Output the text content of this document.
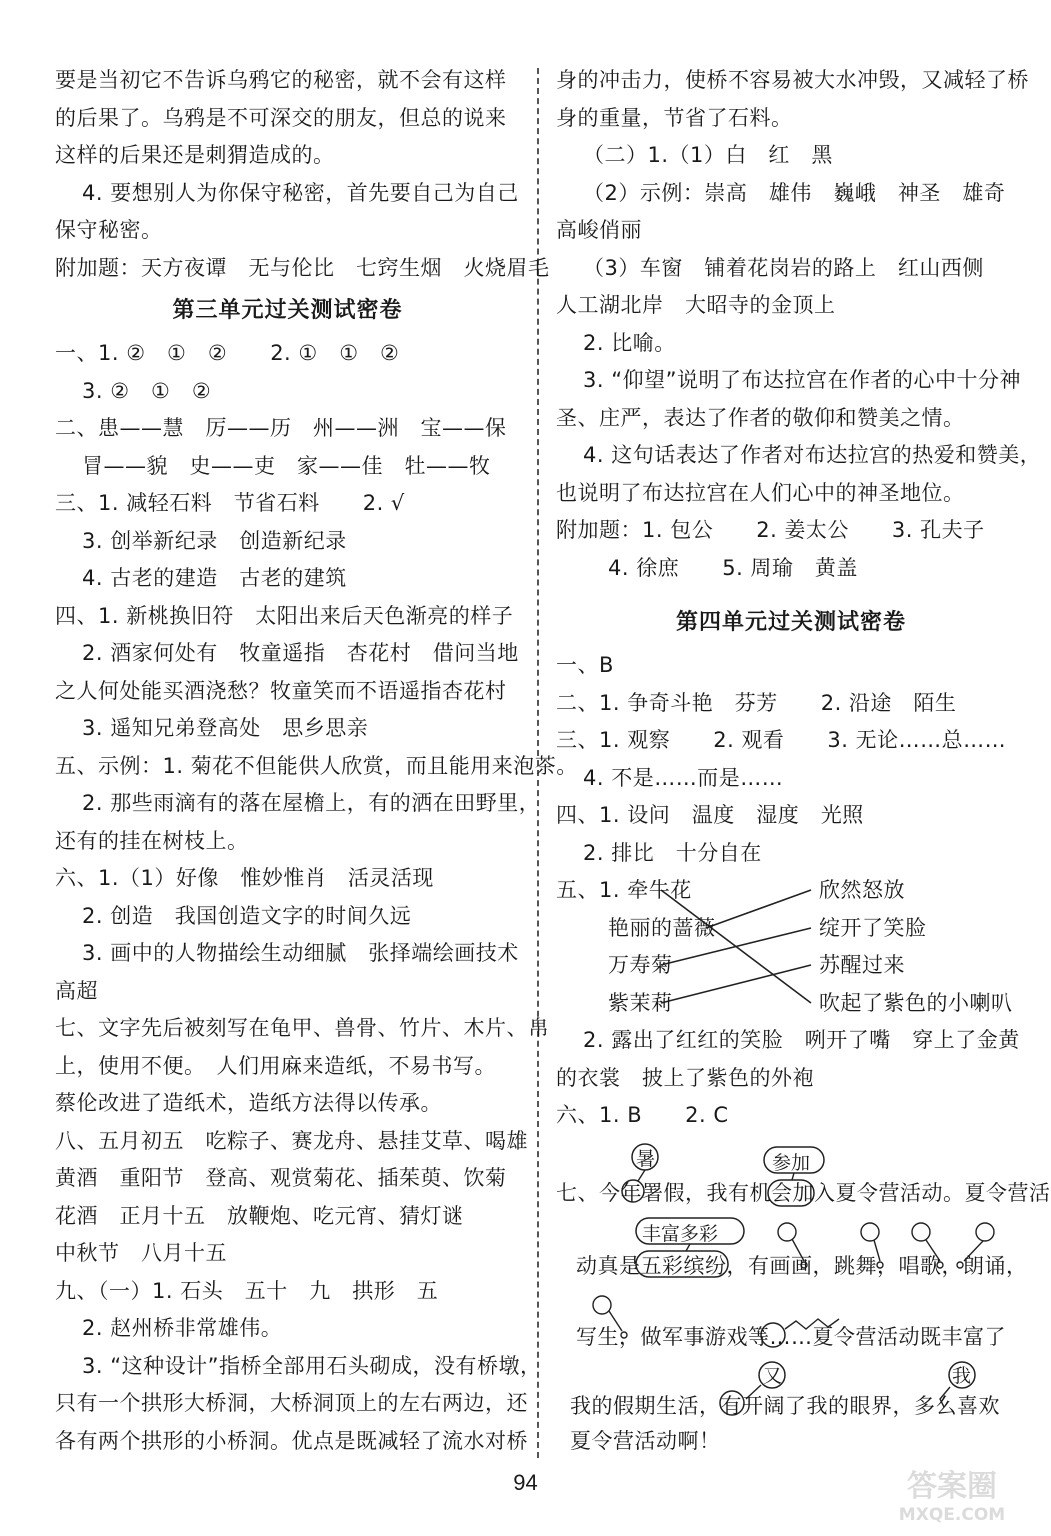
要是当初它不告诉乌鸦它的秘密，就不会有这样
的后果了。乌鸦是不可深交的朋友，但总的说来
这样的后果还是刺猬造成的。
4. 要想别人为你保守秘密，首先要自己为自己
保守秘密。
附加题：天方夜谭　无与伦比　七窍生烟　火烧眉毛
第三单元过关测试密卷
一、1. ②　①　②　　2. ①　①　②
3. ②　①　②
二、患——慧　厉——历　州——洲　宝——保
冒——貌　史——吏　家——佳　牡——牧
三、1. 减轻石料　节省石料　　2. √
3. 创举新纪录　创造新纪录
4. 古老的建造　古老的建筑
四、1. 新桃换旧符　太阳出来后天色渐亮的样子
2. 酒家何处有　牧童遥指　杏花村　借问当地
之人何处能买酒浇愁？牧童笑而不语遥指杏花村
3. 遥知兄弟登高处　思乡思亲
五、示例：1. 菊花不但能供人欣赏，而且能用来泡茶。
2. 那些雨滴有的落在屋檐上，有的洒在田野里，
还有的挂在树枝上。
六、1.（1）好像　惟妙惟肖　活灵活现
2. 创造　我国创造文字的时间久远
3. 画中的人物描绘生动细腻　张择端绘画技术
高超
七、文字先后被刻写在龟甲、兽骨、竹片、木片、帛
上，使用不便。　人们用麻来造纸，不易书写。
蔡伦改进了造纸术，造纸方法得以传承。
八、五月初五　吃粽子、赛龙舟、悬挂艾草、喝雄
黄酒　重阳节　登高、观赏菊花、插茱萸、饮菊
花酒　正月十五　放鞭炮、吃元宵、猜灯谜
中秋节　八月十五
九、（一）1. 石头　五十　九　拱形　五
2. 赵州桥非常雄伟。
3. “这种设计”指桥全部用石头砌成，没有桥墩，
只有一个拱形大桥洞，大桥洞顶上的左右两边，还
各有两个拱形的小桥洞。优点是既减轻了流水对桥
身的冲击力，使桥不容易被大水冲毁，又减轻了桥
身的重量，节省了石料。
（二）1.（1）白　红　黑
（2）示例：崇高　雄伟　巍峨　神圣　雄奇
高峻俏丽
（3）车窗　铺着花岗岩的路上　红山西侧
人工湖北岸　大昭寺的金顶上
2. 比喻。
3. “仰望”说明了布达拉宫在作者的心中十分神
圣、庄严，表达了作者的敬仰和赞美之情。
4. 这句话表达了作者对布达拉宫的热爱和赞美，
也说明了布达拉宫在人们心中的神圣地位。
附加题：1. 包公　　2. 姜太公　　3. 孔夫子
4. 徐庶　　5. 周瑜　黄盖
第四单元过关测试密卷
一、B
二、1. 争奇斗艳　芬芳　　2. 沿途　陌生
三、1. 观察　　2. 观看　　3. 无论……总……
4. 不是……而是……
四、1. 设问　温度　湿度　光照
2. 排比　十分自在
五、1. 牵牛花
艳丽的蔷薇
万寿菊
紫茉莉
欣然怒放
绽开了笑脸
苏醒过来
吹起了紫色的小喇叭
2. 露出了红红的笑脸　咧开了嘴　穿上了金黄
的衣裳　披上了紫色的外袍
六、1. B　　2. C
暑	参加
丰富多彩
又	我
七、今年署假，我有机会加入夏令营活动。夏令营活
动真是五彩缤纷，有画画，跳舞，唱歌，朗诵，
写生，做军事游戏等……夏令营活动既丰富了
我的假期生活，有开阔了我的眼界，多么喜欢
夏令营活动啊！
94	答案圈
MXQE.COM
